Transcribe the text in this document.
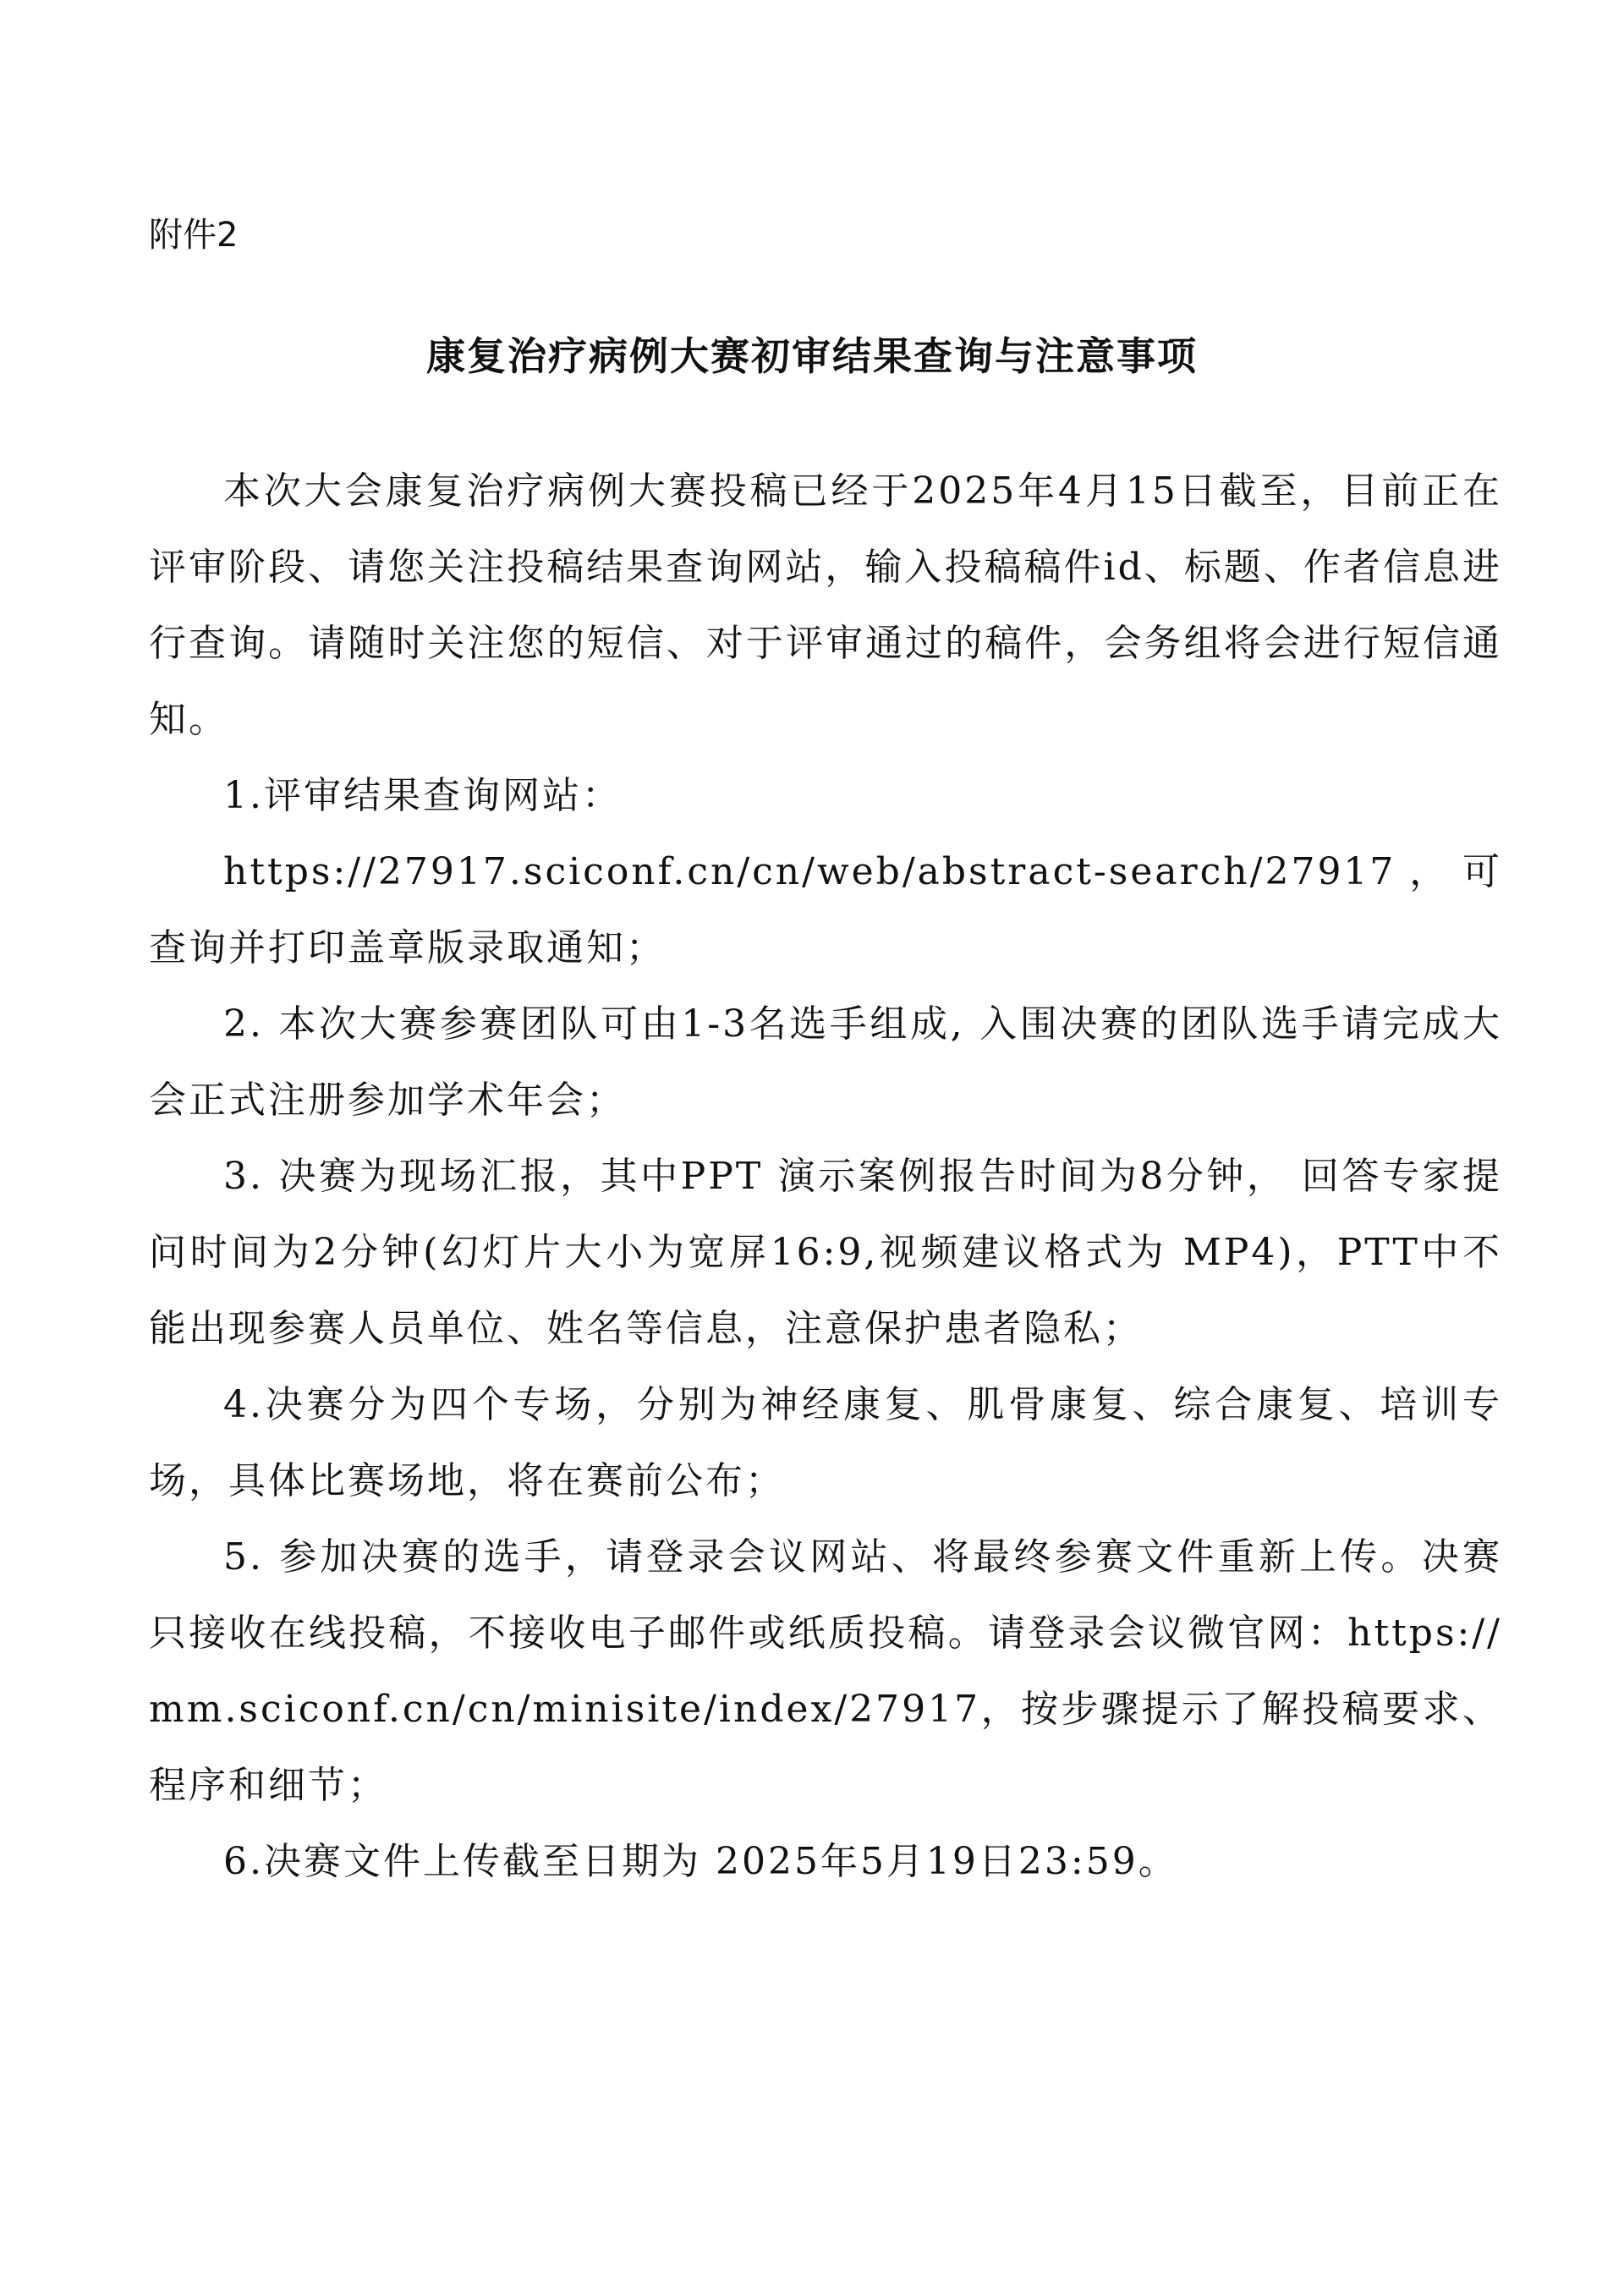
附件2
康复治疗病例大赛初审结果查询与注意事项

本次大会康复治疗病例大赛投稿已经于2025年4月15日截至，目前正在评审阶段、请您关注投稿结果查询网站，输入投稿稿件id、标题、作者信息进行查询。请随时关注您的短信、对于评审通过的稿件，会务组将会进行短信通知。

1.评审结果查询网站：

https://27917.sciconf.cn/cn/web/abstract-search/27917，可查询并打印盖章版录取通知；

2. 本次大赛参赛团队可由1-3名选手组成, 入围决赛的团队选手请完成大会正式注册参加学术年会；

3. 决赛为现场汇报，其中PPT 演示案例报告时间为8分钟， 回答专家提问时间为2分钟(幻灯片大小为宽屏16:9,视频建议格式为 MP4)，PTT中不能出现参赛人员单位、姓名等信息，注意保护患者隐私；

4.决赛分为四个专场，分别为神经康复、肌骨康复、综合康复、培训专场，具体比赛场地，将在赛前公布；

5. 参加决赛的选手，请登录会议网站、将最终参赛文件重新上传。决赛只接收在线投稿，不接收电子邮件或纸质投稿。请登录会议微官网：https://mm.sciconf.cn/cn/minisite/index/27917，按步骤提示了解投稿要求、程序和细节；

6.决赛文件上传截至日期为 2025年5月19日23:59。
